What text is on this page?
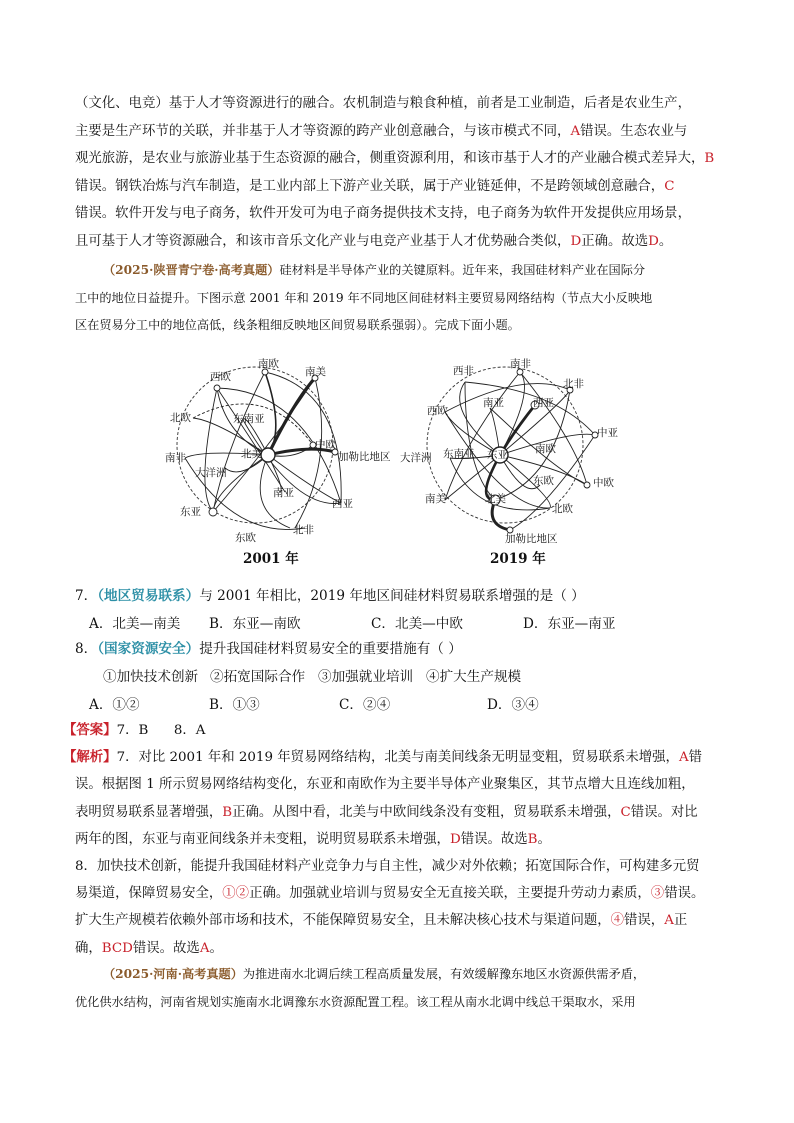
（文化、电竞）基于人才等资源进行的融合。农机制造与粮食种植，前者是工业制造，后者是农业生产，
主要是生产环节的关联，并非基于人才等资源的跨产业创意融合，与该市模式不同，A错误。生态农业与
观光旅游，是农业与旅游业基于生态资源的融合，侧重资源利用，和该市基于人才的产业融合模式差异大，B
错误。钢铁冶炼与汽车制造，是工业内部上下游产业关联，属于产业链延伸，不是跨领域创意融合，C
错误。软件开发与电子商务，软件开发可为电子商务提供技术支持，电子商务为软件开发提供应用场景，
且可基于人才等资源融合，和该市音乐文化产业与电竞产业基于人才优势融合类似，D正确。故选D。
（2025·陕晋青宁卷·高考真题）硅材料是半导体产业的关键原料。近年来，我国硅材料产业在国际分
工中的地位日益提升。下图示意 2001 年和 2019 年不同地区间硅材料主要贸易网络结构（节点大小反映地
区在贸易分工中的地位高低，线条粗细反映地区间贸易联系强弱）。完成下面小题。
南欧
南美
西欧
北欧	东南亚
中欧
南非	北美	加勒比地区
大洋洲
南亚
西亚
东亚
北非
东欧
2001 年
南非
西非
北非
南亚	西亚
西欧
中亚
大洋洲 东南亚 东亚	南欧
中欧
东欧
南美	北美
北欧
加勒比地区
2019 年
7．（地区贸易联系）与 2001 年相比，2019 年地区间硅材料贸易联系增强的是（ ）
A．北美—南美	B．东亚—南欧	C．北美—中欧	D．东亚—南亚
8．（国家资源安全）提升我国硅材料贸易安全的重要措施有（ ）
①加快技术创新 ②拓宽国际合作 ③加强就业培训 ④扩大生产规模
A．①②	B．①③	C．②④	D．③④
【答案】7．B      8．A
【解析】7．对比 2001 年和 2019 年贸易网络结构，北美与南美间线条无明显变粗，贸易联系未增强，A错
误。根据图 1 所示贸易网络结构变化，东亚和南欧作为主要半导体产业聚集区，其节点增大且连线加粗，
表明贸易联系显著增强，B正确。从图中看，北美与中欧间线条没有变粗，贸易联系未增强，C错误。对比
两年的图，东亚与南亚间线条并未变粗，说明贸易联系未增强，D错误。故选B。
8．加快技术创新，能提升我国硅材料产业竞争力与自主性，减少对外依赖；拓宽国际合作，可构建多元贸
易渠道，保障贸易安全，①②正确。加强就业培训与贸易安全无直接关联，主要提升劳动力素质，③错误。
扩大生产规模若依赖外部市场和技术，不能保障贸易安全，且未解决核心技术与渠道问题，④错误，A正
确，BCD错误。故选A。
（2025·河南·高考真题）为推进南水北调后续工程高质量发展，有效缓解豫东地区水资源供需矛盾，
优化供水结构，河南省规划实施南水北调豫东水资源配置工程。该工程从南水北调中线总干渠取水，采用
